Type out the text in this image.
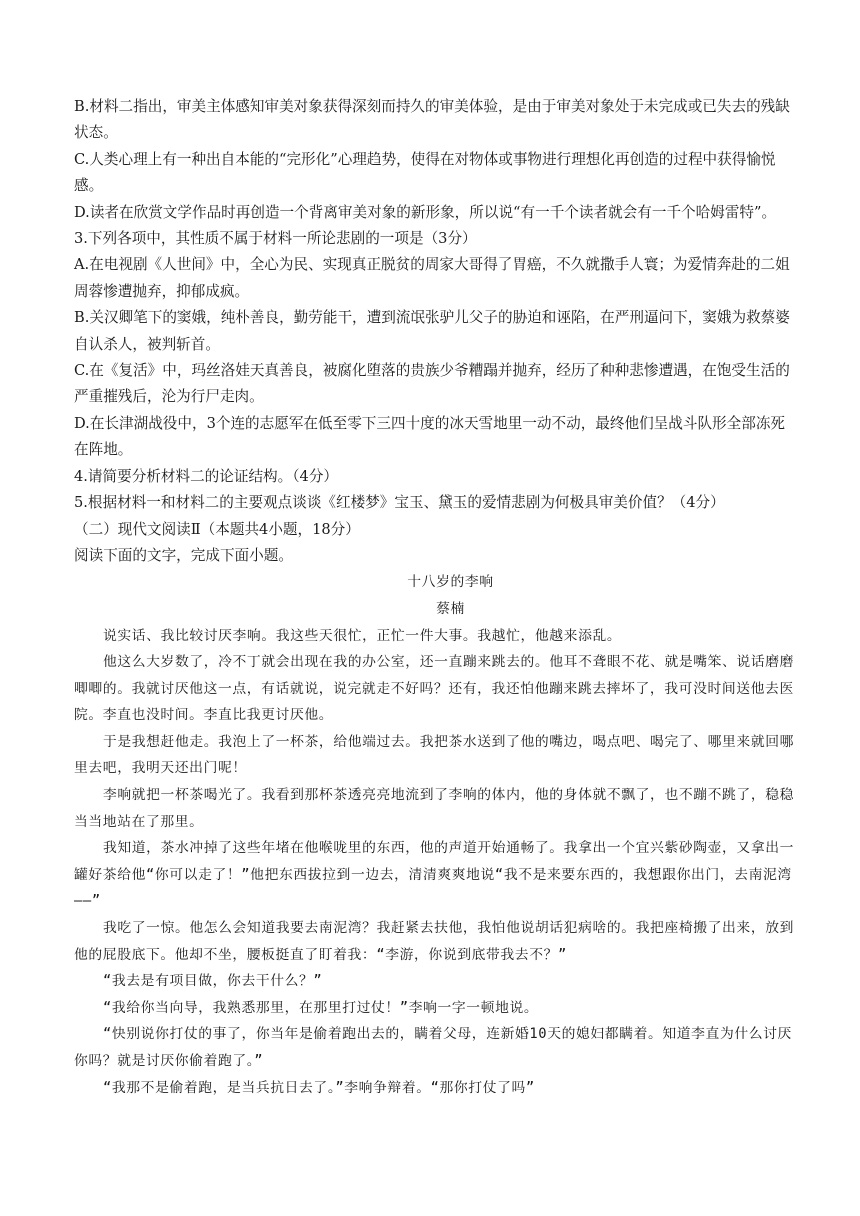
B.材料二指出，审美主体感知审美对象获得深刻而持久的审美体验，是由于审美对象处于未完成或已失去的残缺状态。

C.人类心理上有一种出自本能的“完形化”心理趋势，使得在对物体或事物进行理想化再创造的过程中获得愉悦感。

D.读者在欣赏文学作品时再创造一个背离审美对象的新形象，所以说“有一千个读者就会有一千个哈姆雷特”。

3.下列各项中，其性质不属于材料一所论悲剧的一项是（3分）

A.在电视剧《人世间》中，全心为民、实现真正脱贫的周家大哥得了胃癌，不久就撒手人寰；为爱情奔赴的二姐周蓉惨遭抛弃，抑郁成疯。

B.关汉卿笔下的窦娥，纯朴善良，勤劳能干，遭到流氓张驴儿父子的胁迫和诬陷，在严刑逼问下，窦娥为救蔡婆自认杀人，被判斩首。

C.在《复活》中，玛丝洛娃天真善良，被腐化堕落的贵族少爷糟蹋并抛弃，经历了种种悲惨遭遇，在饱受生活的严重摧残后，沦为行尸走肉。

D.在长津湖战役中，3个连的志愿军在低至零下三四十度的冰天雪地里一动不动，最终他们呈战斗队形全部冻死在阵地。

4.请简要分析材料二的论证结构。（4分）

5.根据材料一和材料二的主要观点谈谈《红楼梦》宝玉、黛玉的爱情悲剧为何极具审美价值？（4分）

（二）现代文阅读Ⅱ（本题共4小题，18分）

阅读下面的文字，完成下面小题。

十八岁的李响

蔡楠

说实话、我比较讨厌李响。我这些天很忙，正忙一件大事。我越忙，他越来添乱。

他这么大岁数了，冷不丁就会出现在我的办公室，还一直蹦来跳去的。他耳不聋眼不花、就是嘴笨、说话磨磨唧唧的。我就讨厌他这一点，有话就说，说完就走不好吗？还有，我还怕他蹦来跳去摔坏了，我可没时间送他去医院。李直也没时间。李直比我更讨厌他。

于是我想赶他走。我泡上了一杯茶，给他端过去。我把茶水送到了他的嘴边，喝点吧、喝完了、哪里来就回哪里去吧，我明天还出门呢！

李响就把一杯茶喝光了。我看到那杯茶透亮亮地流到了李响的体内，他的身体就不飘了，也不蹦不跳了，稳稳当当地站在了那里。

我知道，茶水冲掉了这些年堵在他喉咙里的东西，他的声道开始通畅了。我拿出一个宜兴紫砂陶壶，又拿出一罐好茶给他“你可以走了！”他把东西拔拉到一边去，清清爽爽地说“我不是来要东西的，我想跟你出门，去南泥湾——”

我吃了一惊。他怎么会知道我要去南泥湾？我赶紧去扶他，我怕他说胡话犯病啥的。我把座椅搬了出来，放到他的屁股底下。他却不坐，腰板挺直了盯着我：“李游，你说到底带我去不？”

“我去是有项目做，你去干什么？”

“我给你当向导，我熟悉那里，在那里打过仗！”李响一字一顿地说。

“快别说你打仗的事了，你当年是偷着跑出去的，瞒着父母，连新婚10天的媳妇都瞒着。知道李直为什么讨厌你吗？就是讨厌你偷着跑了。”

“我那不是偷着跑，是当兵抗日去了。”李响争辩着。“那你打仗了吗”
